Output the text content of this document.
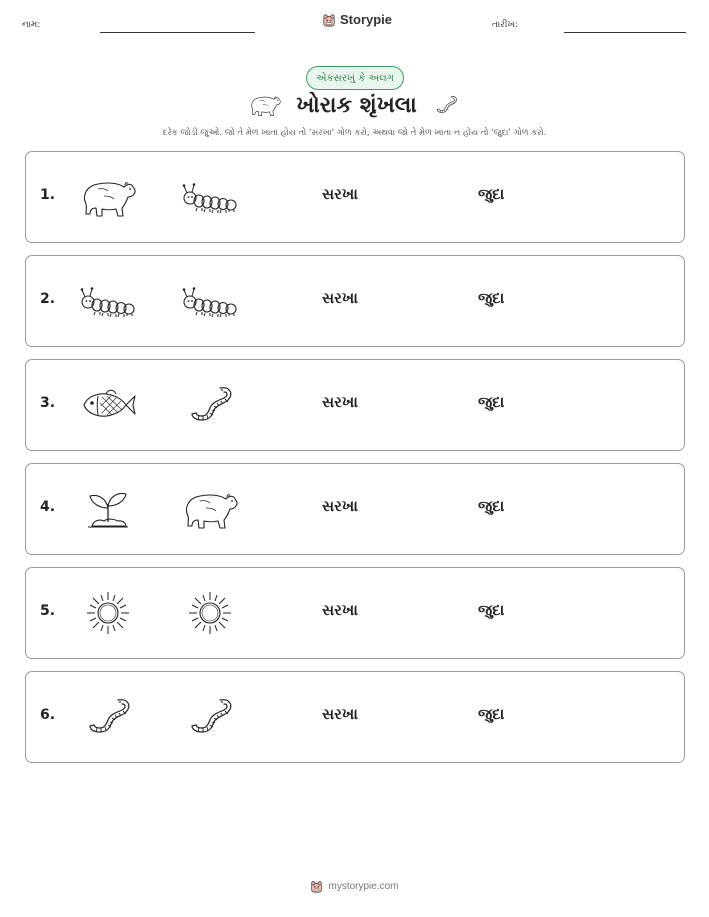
નામ:	Storypie	તારીખ:
એકસરખું કે અલગ
ખોરાક શૃંખલા
દરેક જોડી જુઓ. જો તે મેળ ખાતા હોય તો 'સરખા' ગોળ કરો, અથવા જો તે મેળ ખાતા ન હોય તો 'જુદા' ગોળ કરો.
1.	સરખા	જુદા
2.	સરખા	જુદા
3.	સરખા	જુદા
4.	સરખા	જુદા
5.	સરખા	જુદા
6.	સરખા	જુદા
mystorypie.com
